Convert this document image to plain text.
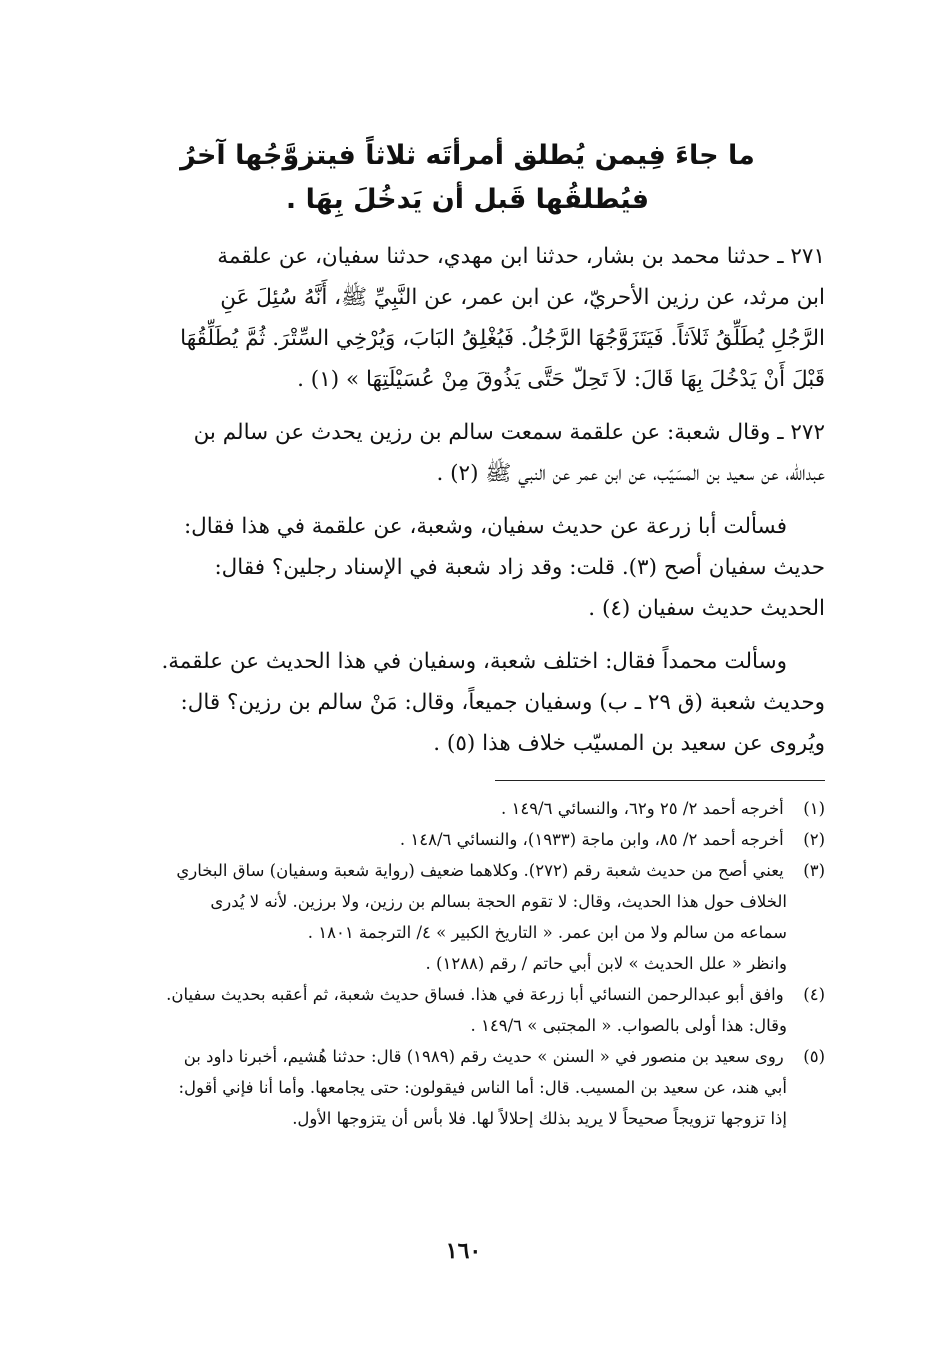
ما جاءَ فِيمن يُطلق أمرأتَه ثلاثاً فيتزوَّجُها آخرُ
فيُطلقُها قَبل أن يَدخُلَ بِهَا .
٢٧١ ـ حدثنا محمد بن بشار، حدثنا ابن مهدي، حدثنا سفيان، عن علقمة
ابن مرثد، عن رزين الأحريّ، عن ابن عمر، عن النَّبِيِّ ﷺ، أَنَّهُ سُئِلَ عَنِ
الرَّجُلِ يُطَلِّقُ ثَلاَثاً. فَيَتَزَوَّجُهَا الرَّجُلُ. فَيُغْلِقُ البَابَ، وَيُرْخِي السِّتْرَ. ثُمَّ يُطَلِّقُهَا
قَبْلَ أَنْ يَدْخُلَ بِهَا قَالَ: لاَ تَحِلّ حَتَّى يَذُوقَ مِنْ عُسَيْلَتِهَا » (١) .
٢٧٢ ـ وقال شعبة: عن علقمة سمعت سالم بن رزين يحدث عن سالم بن
عبدالله، عن سعيد بن المسَيّب، عن ابن عمر عن النبي ﷺ (٢) .
فسألت أبا زرعة عن حديث سفيان، وشعبة، عن علقمة في هذا فقال:
حديث سفيان أصح (٣). قلت: وقد زاد شعبة في الإسناد رجلين؟ فقال:
الحديث حديث سفيان (٤) .
وسألت محمداً فقال: اختلف شعبة، وسفيان في هذا الحديث عن علقمة.
وحديث شعبة (ق ٢٩ ـ ب) وسفيان جميعاً، وقال: مَنْ سالم بن رزين؟ قال:
ويُروى عن سعيد بن المسيّب خلاف هذا (٥) .
(١) أخرجه أحمد ٢/ ٢٥ و٦٢، والنسائي ١٤٩/٦ .
(٢) أخرجه أحمد ٢/ ٨٥، وابن ماجة (١٩٣٣)، والنسائي ١٤٨/٦ .
(٣) يعني أصح من حديث شعبة رقم (٢٧٢). وكلاهما ضعيف (رواية شعبة وسفيان) ساق البخاري
الخلاف حول هذا الحديث، وقال: لا تقوم الحجة بسالم بن رزين، ولا برزين. لأنه لا يُدرى
سماعه من سالم ولا من ابن عمر. « التاريخ الكبير » ٤/ الترجمة ١٨٠١ .
وانظر « علل الحديث » لابن أبي حاتم / رقم (١٢٨٨) .
(٤) وافق أبو عبدالرحمن النسائي أبا زرعة في هذا. فساق حديث شعبة، ثم أعقبه بحديث سفيان.
وقال: هذا أولى بالصواب. « المجتبى » ١٤٩/٦ .
(٥) روى سعيد بن منصور في « السنن » حديث رقم (١٩٨٩) قال: حدثنا هُشيم، أخبرنا داود بن
أبي هند، عن سعيد بن المسيب. قال: أما الناس فيقولون: حتى يجامعها. وأما أنا فإني أقول:
إذا تزوجها تزويجاً صحيحاً لا يريد بذلك إحلالاً لها. فلا بأس أن يتزوجها الأول.
١٦٠
